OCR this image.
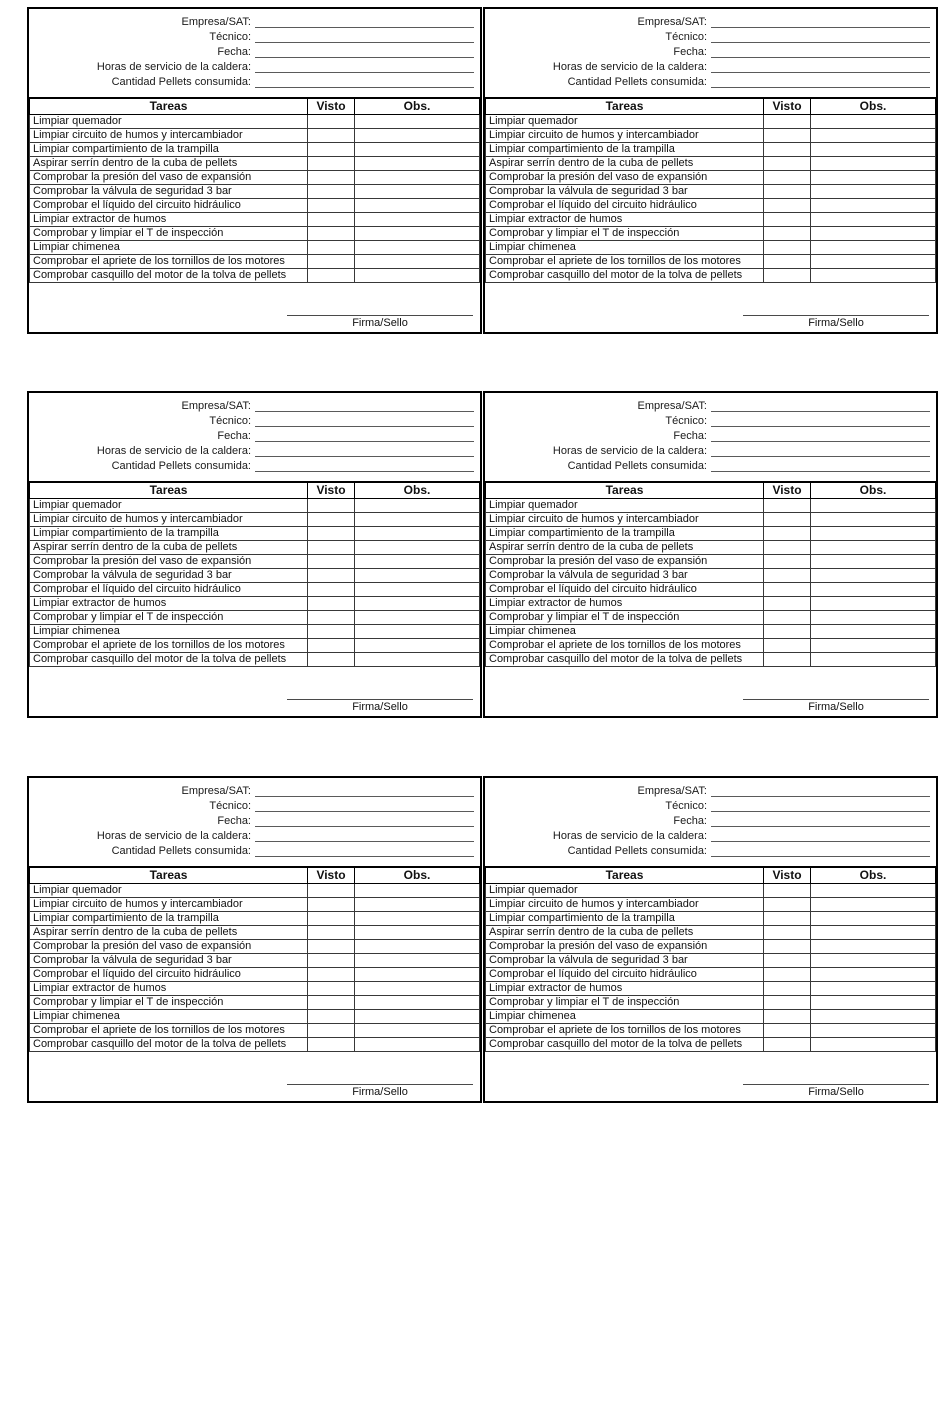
Empresa/SAT:
Técnico:
Fecha:
Horas de servicio de la caldera:
Cantidad Pellets consumida:
Tareas	Visto	Obs.
Limpiar quemador		
Limpiar circuito de humos y intercambiador		
Limpiar compartimiento de la trampilla		
Aspirar serrín dentro de la cuba de pellets		
Comprobar la presión del vaso de expansión		
Comprobar la válvula de seguridad 3 bar		
Comprobar el líquido del circuito hidráulico		
Limpiar extractor de humos		
Comprobar y limpiar el T de inspección		
Limpiar chimenea		
Comprobar el apriete de los tornillos de los motores		
Comprobar casquillo del motor de la tolva de pellets		
Firma/Sello
Empresa/SAT:
Técnico:
Fecha:
Horas de servicio de la caldera:
Cantidad Pellets consumida:
Tareas	Visto	Obs.
Limpiar quemador		
Limpiar circuito de humos y intercambiador		
Limpiar compartimiento de la trampilla		
Aspirar serrín dentro de la cuba de pellets		
Comprobar la presión del vaso de expansión		
Comprobar la válvula de seguridad 3 bar		
Comprobar el líquido del circuito hidráulico		
Limpiar extractor de humos		
Comprobar y limpiar el T de inspección		
Limpiar chimenea		
Comprobar el apriete de los tornillos de los motores		
Comprobar casquillo del motor de la tolva de pellets		
Firma/Sello
Empresa/SAT:
Técnico:
Fecha:
Horas de servicio de la caldera:
Cantidad Pellets consumida:
Tareas	Visto	Obs.
Limpiar quemador		
Limpiar circuito de humos y intercambiador		
Limpiar compartimiento de la trampilla		
Aspirar serrín dentro de la cuba de pellets		
Comprobar la presión del vaso de expansión		
Comprobar la válvula de seguridad 3 bar		
Comprobar el líquido del circuito hidráulico		
Limpiar extractor de humos		
Comprobar y limpiar el T de inspección		
Limpiar chimenea		
Comprobar el apriete de los tornillos de los motores		
Comprobar casquillo del motor de la tolva de pellets		
Firma/Sello
Empresa/SAT:
Técnico:
Fecha:
Horas de servicio de la caldera:
Cantidad Pellets consumida:
Tareas	Visto	Obs.
Limpiar quemador		
Limpiar circuito de humos y intercambiador		
Limpiar compartimiento de la trampilla		
Aspirar serrín dentro de la cuba de pellets		
Comprobar la presión del vaso de expansión		
Comprobar la válvula de seguridad 3 bar		
Comprobar el líquido del circuito hidráulico		
Limpiar extractor de humos		
Comprobar y limpiar el T de inspección		
Limpiar chimenea		
Comprobar el apriete de los tornillos de los motores		
Comprobar casquillo del motor de la tolva de pellets		
Firma/Sello
Empresa/SAT:
Técnico:
Fecha:
Horas de servicio de la caldera:
Cantidad Pellets consumida:
Tareas	Visto	Obs.
Limpiar quemador		
Limpiar circuito de humos y intercambiador		
Limpiar compartimiento de la trampilla		
Aspirar serrín dentro de la cuba de pellets		
Comprobar la presión del vaso de expansión		
Comprobar la válvula de seguridad 3 bar		
Comprobar el líquido del circuito hidráulico		
Limpiar extractor de humos		
Comprobar y limpiar el T de inspección		
Limpiar chimenea		
Comprobar el apriete de los tornillos de los motores		
Comprobar casquillo del motor de la tolva de pellets		
Firma/Sello
Empresa/SAT:
Técnico:
Fecha:
Horas de servicio de la caldera:
Cantidad Pellets consumida:
Tareas	Visto	Obs.
Limpiar quemador		
Limpiar circuito de humos y intercambiador		
Limpiar compartimiento de la trampilla		
Aspirar serrín dentro de la cuba de pellets		
Comprobar la presión del vaso de expansión		
Comprobar la válvula de seguridad 3 bar		
Comprobar el líquido del circuito hidráulico		
Limpiar extractor de humos		
Comprobar y limpiar el T de inspección		
Limpiar chimenea		
Comprobar el apriete de los tornillos de los motores		
Comprobar casquillo del motor de la tolva de pellets		
Firma/Sello
